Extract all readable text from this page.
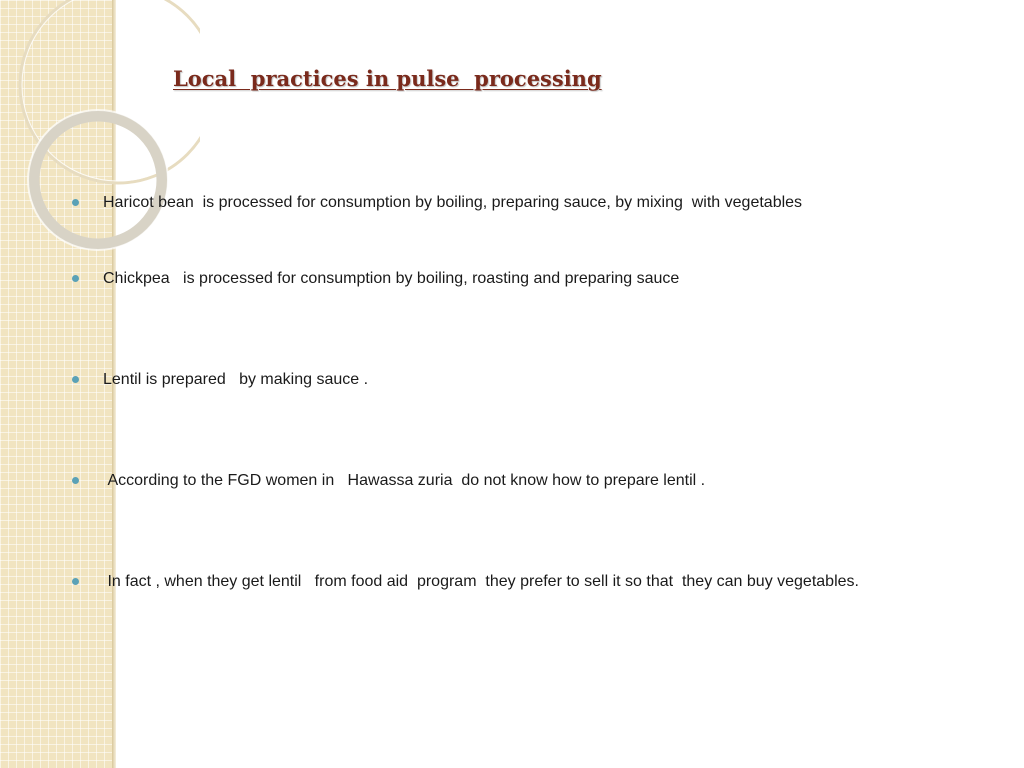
Local  practices in pulse  processing
Haricot bean  is processed for consumption by boiling, preparing sauce, by mixing  with vegetables
Chickpea   is processed for consumption by boiling, roasting and preparing sauce
Lentil is prepared   by making sauce .
According to the FGD women in   Hawassa zuria  do not know how to prepare lentil .
In fact , when they get lentil   from food aid  program  they prefer to sell it so that  they can buy vegetables.
